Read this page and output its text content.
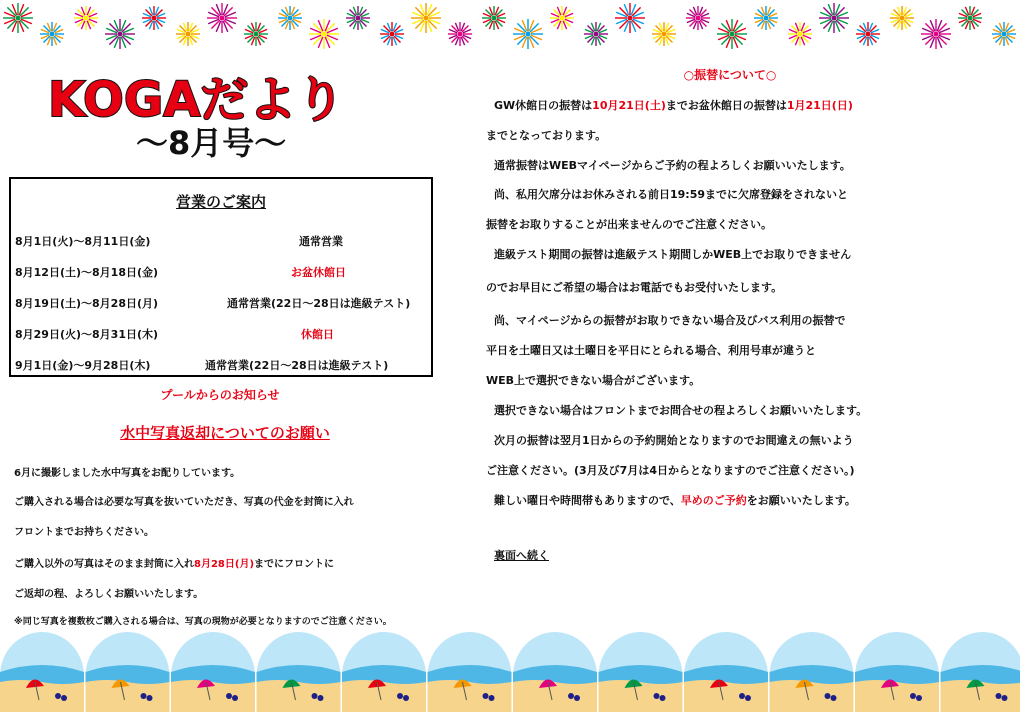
KOGAだより
〜8月号〜
営業のご案内
8月1日(火)〜8月11日(金)	通常営業
8月12日(土)〜8月18日(金)	お盆休館日
8月19日(土)〜8月28日(月)	通常営業(22日〜28日は進級テスト)
8月29日(火)〜8月31日(木)	休館日
9月1日(金)〜9月28日(木)	通常営業(22日〜28日は進級テスト)
プールからのお知らせ
水中写真返却についてのお願い
6月に撮影しました水中写真をお配りしています。
ご購入される場合は必要な写真を抜いていただき、写真の代金を封筒に入れ
フロントまでお持ちください。
ご購入以外の写真はそのまま封筒に入れ8月28日(月)までにフロントに
ご返却の程、よろしくお願いいたします。
※同じ写真を複数枚ご購入される場合は、写真の現物が必要となりますのでご注意ください。
○振替について○
GW休館日の振替は10月21日(土)までお盆休館日の振替は1月21日(日)
までとなっております。
通常振替はWEBマイページからご予約の程よろしくお願いいたします。
尚、私用欠席分はお休みされる前日19:59までに欠席登録をされないと
振替をお取りすることが出来ませんのでご注意ください。
進級テスト期間の振替は進級テスト期間しかWEB上でお取りできません
のでお早目にご希望の場合はお電話でもお受付いたします。
尚、マイページからの振替がお取りできない場合及びバス利用の振替で
平日を土曜日又は土曜日を平日にとられる場合、利用号車が違うと
WEB上で選択できない場合がございます。
選択できない場合はフロントまでお問合せの程よろしくお願いいたします。
次月の振替は翌月1日からの予約開始となりますのでお間違えの無いよう
ご注意ください。(3月及び7月は4日からとなりますのでご注意ください。)
難しい曜日や時間帯もありますので、早めのご予約をお願いいたします。
裏面へ続く
